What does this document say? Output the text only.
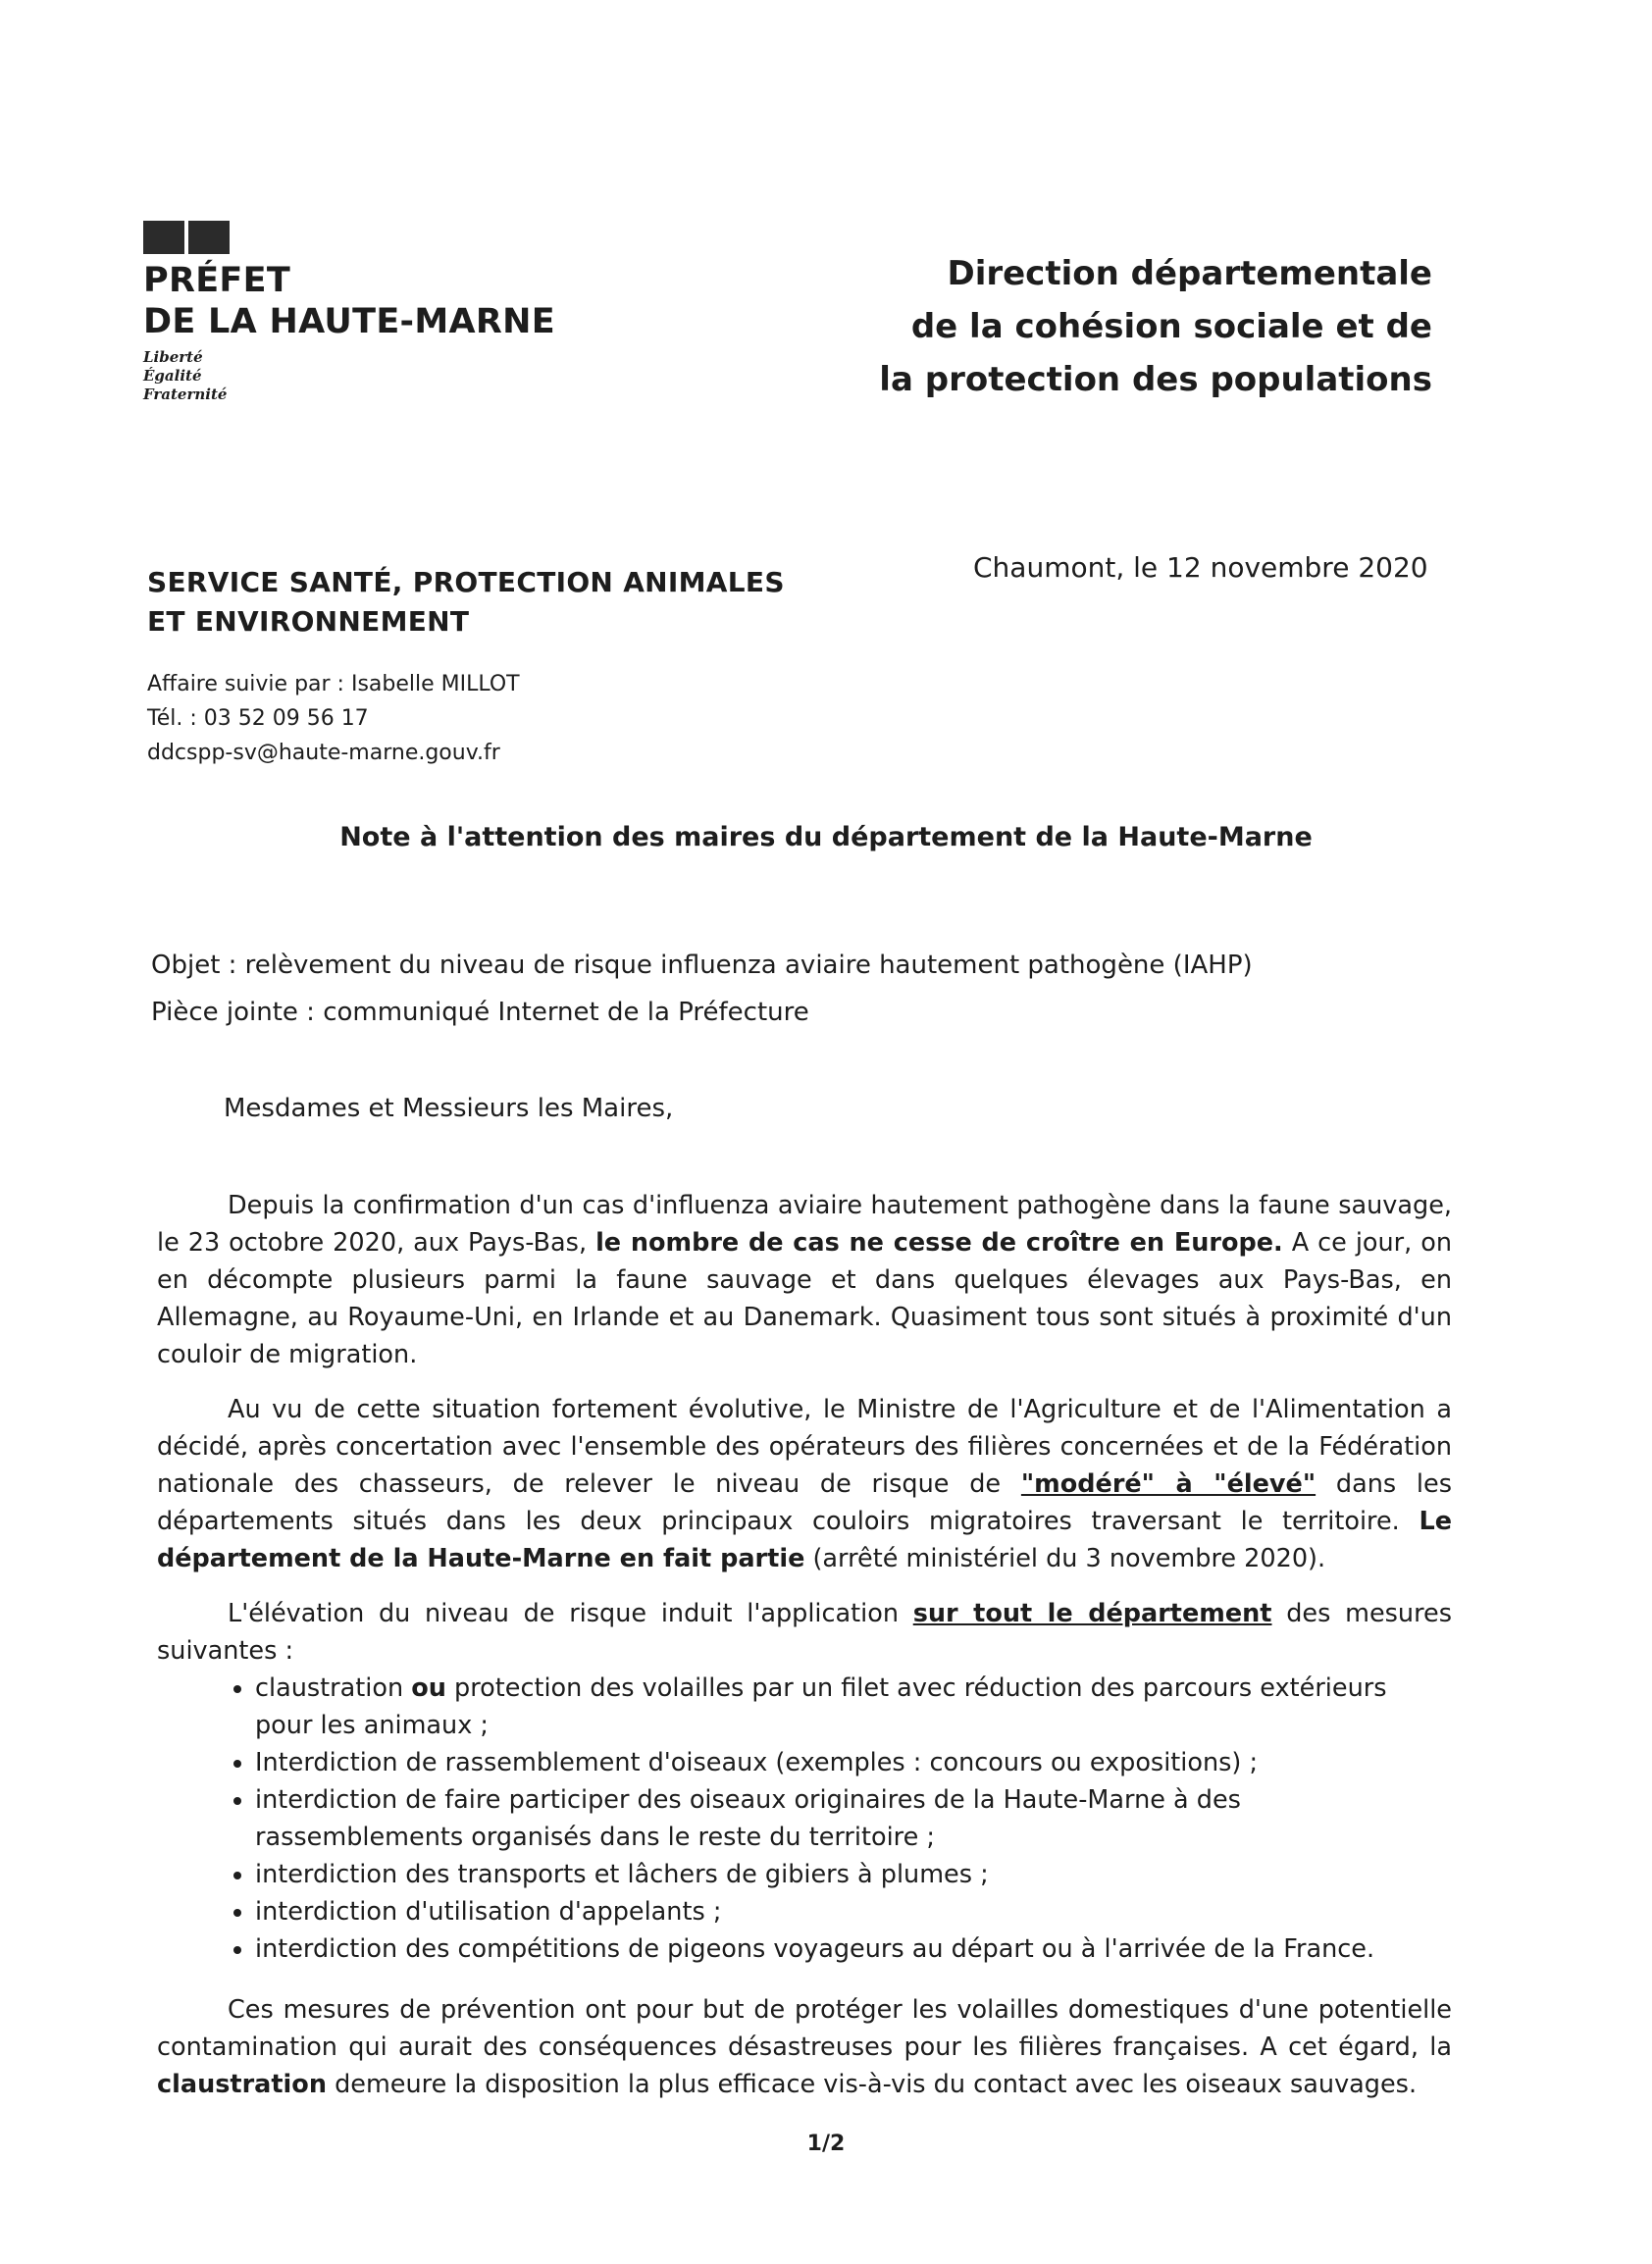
PRÉFET
DE LA HAUTE-MARNE
Liberté
Égalité
Fraternité
Direction départementale
de la cohésion sociale et de
la protection des populations
SERVICE SANTÉ, PROTECTION ANIMALES
ET ENVIRONNEMENT
Chaumont, le 12 novembre 2020
Affaire suivie par : Isabelle MILLOT
Tél. : 03 52 09 56 17
ddcspp-sv@haute-marne.gouv.fr
Note à l'attention des maires du département de la Haute-Marne
Objet : relèvement du niveau de risque influenza aviaire hautement pathogène (IAHP)
Pièce jointe : communiqué Internet de la Préfecture
Mesdames et Messieurs les Maires,

Depuis la confirmation d'un cas d'influenza aviaire hautement pathogène dans la faune sauvage, le 23 octobre 2020, aux Pays-Bas, le nombre de cas ne cesse de croître en Europe. A ce jour, on en décompte plusieurs parmi la faune sauvage et dans quelques élevages aux Pays-Bas, en Allemagne, au Royaume-Uni, en Irlande et au Danemark. Quasiment tous sont situés à proximité d'un couloir de migration.

Au vu de cette situation fortement évolutive, le Ministre de l'Agriculture et de l'Alimentation a décidé, après concertation avec l'ensemble des opérateurs des filières concernées et de la Fédération nationale des chasseurs, de relever le niveau de risque de "modéré" à "élevé" dans les départements situés dans les deux principaux couloirs migratoires traversant le territoire. Le département de la Haute-Marne en fait partie (arrêté ministériel du 3 novembre 2020).

L'élévation du niveau de risque induit l'application sur tout le département des mesures suivantes :

• claustration ou protection des volailles par un filet avec réduction des parcours extérieurs pour les animaux ;
• Interdiction de rassemblement d'oiseaux (exemples : concours ou expositions) ;
• interdiction de faire participer des oiseaux originaires de la Haute-Marne à des rassemblements organisés dans le reste du territoire ;
• interdiction des transports et lâchers de gibiers à plumes ;
• interdiction d'utilisation d'appelants ;
• interdiction des compétitions de pigeons voyageurs au départ ou à l'arrivée de la France.

Ces mesures de prévention ont pour but de protéger les volailles domestiques d'une potentielle contamination qui aurait des conséquences désastreuses pour les filières françaises. A cet égard, la claustration demeure la disposition la plus efficace vis-à-vis du contact avec les oiseaux sauvages.

1/2
